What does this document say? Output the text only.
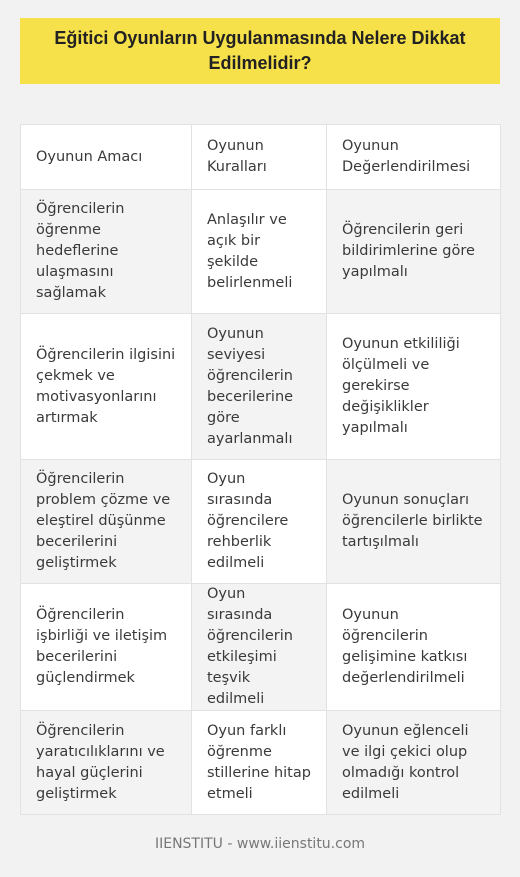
Eğitici Oyunların Uygulanmasında Nelere Dikkat Edilmelidir?
Oyunun Amacı	Oyunun Kuralları	Oyunun Değerlendirilmesi
Öğrencilerin öğrenme hedeflerine ulaşmasını sağlamak	Anlaşılır ve açık bir şekilde belirlenmeli	Öğrencilerin geri bildirimlerine göre yapılmalı
Öğrencilerin ilgisini çekmek ve motivasyonlarını artırmak	Oyunun seviyesi öğrencilerin becerilerine göre ayarlanmalı	Oyunun etkililiği ölçülmeli ve gerekirse değişiklikler yapılmalı
Öğrencilerin problem çözme ve eleştirel düşünme becerilerini geliştirmek	Oyun sırasında öğrencilere rehberlik edilmeli	Oyunun sonuçları öğrencilerle birlikte tartışılmalı
Öğrencilerin işbirliği ve iletişim becerilerini güçlendirmek	Oyun sırasında öğrencilerin etkileşimi teşvik edilmeli	Oyunun öğrencilerin gelişimine katkısı değerlendirilmeli
Öğrencilerin yaratıcılıklarını ve hayal güçlerini geliştirmek	Oyun farklı öğrenme stillerine hitap etmeli	Oyunun eğlenceli ve ilgi çekici olup olmadığı kontrol edilmeli
IIENSTITU - www.iienstitu.com
